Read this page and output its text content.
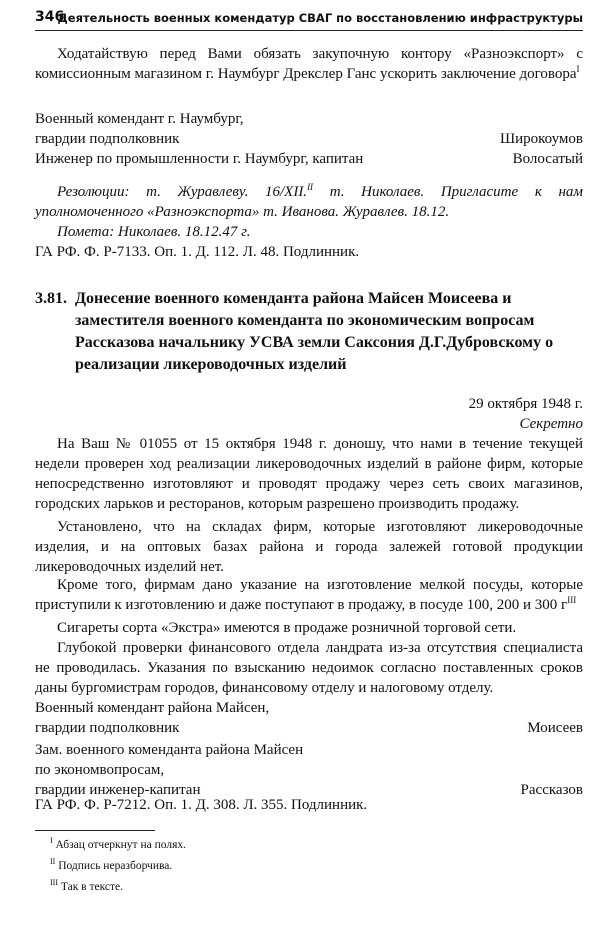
346
Деятельность военных комендатур СВАГ по восстановлению инфраструктуры
Ходатайствую перед Вами обязать закупочную контору «Разноэкспорт» с комиссионным магазином г. Наумбург Дрекслер Ганс ускорить заключение договора$^I$
Военный комендант г. Наумбург,
гвардии подполковник	Широкоумов
Инженер по промышленности г. Наумбург, капитан	Волосатый
Резолюции: т. Журавлеву. 16/XII.$^{II}$ т. Николаев. Пригласите к нам уполномоченного «Разноэкспорта» т. Иванова. Журавлев. 18.12.
Помета: Николаев. 18.12.47 г.
ГА РФ. Ф. Р-7133. Оп. 1. Д. 112. Л. 48. Подлинник.
3.81. Донесение военного коменданта района Майсен Моисеева и заместителя военного коменданта по экономическим вопросам Рассказова начальнику УСВА земли Саксония Д.Г.Дубровскому о реализации ликероводочных изделий
29 октября 1948 г.
Секретно
На Ваш № 01055 от 15 октября 1948 г. доношу, что нами в течение текущей недели проверен ход реализации ликероводочных изделий в районе фирм, которые непосредственно изготовляют и проводят продажу через сеть своих магазинов, городских ларьков и ресторанов, которым разрешено производить продажу.
Установлено, что на складах фирм, которые изготовляют ликероводочные изделия, и на оптовых базах района и города залежей готовой продукции ликероводочных изделий нет.
Кроме того, фирмам дано указание на изготовление мелкой посуды, которые приступили к изготовлению и даже поступают в продажу, в посуде 100, 200 и 300 $г^{III}$
Сигареты сорта «Экстра» имеются в продаже розничной торговой сети.
Глубокой проверки финансового отдела ландрата из-за отсутствия специалиста не проводилась. Указания по взысканию недоимок согласно поставленных сроков даны бургомистрам городов, финансовому отделу и налоговому отделу.
Военный комендант района Майсен,
гвардии подполковник	Моисеев
Зам. военного коменданта района Майсен
по экономвопросам,
гвардии инженер-капитан	Рассказов
ГА РФ. Ф. Р-7212. Оп. 1. Д. 308. Л. 355. Подлинник.
$^I$ Абзац отчеркнут на полях.
$^{II}$ Подпись неразборчива.
$^{III}$ Так в тексте.
